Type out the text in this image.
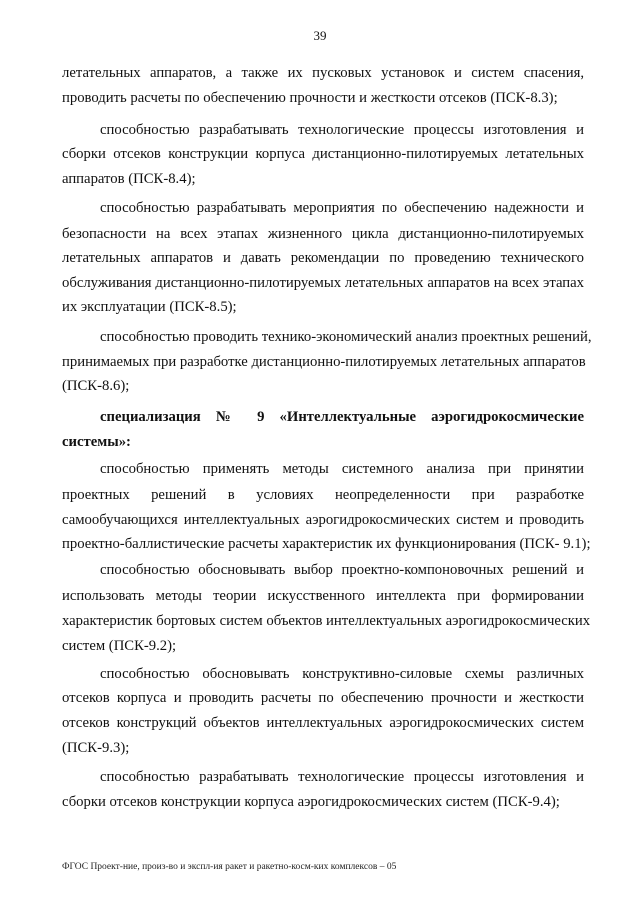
39
летательных аппаратов, а также их пусковых установок и систем спасения,
проводить расчеты по обеспечению прочности и жесткости отсеков (ПСК-8.3);
способностью разрабатывать технологические процессы изготовления и
сборки отсеков конструкции корпуса дистанционно-пилотируемых летательных
аппаратов (ПСК-8.4);
способностью разрабатывать мероприятия по обеспечению надежности и
безопасности на всех этапах жизненного цикла дистанционно-пилотируемых
летательных аппаратов и давать рекомендации по проведению технического
обслуживания дистанционно-пилотируемых летательных аппаратов на всех этапах
их эксплуатации (ПСК-8.5);
способностью проводить технико-экономический анализ проектных решений,
принимаемых при разработке дистанционно-пилотируемых летательных аппаратов
(ПСК-8.6);
специализация № 9 «Интеллектуальные аэрогидрокосмические
системы»:
способностью применять методы системного анализа при принятии
проектных решений в условиях неопределенности при разработке
самообучающихся интеллектуальных аэрогидрокосмических систем и проводить
проектно-баллистические расчеты характеристик их функционирования (ПСК- 9.1);
способностью обосновывать выбор проектно-компоновочных решений и
использовать методы теории искусственного интеллекта при формировании
характеристик бортовых систем объектов интеллектуальных аэрогидрокосмических
систем (ПСК-9.2);
способностью обосновывать конструктивно-силовые схемы различных
отсеков корпуса и проводить расчеты по обеспечению прочности и жесткости
отсеков конструкций объектов интеллектуальных аэрогидрокосмических систем
(ПСК-9.3);
способностью разрабатывать технологические процессы изготовления и
сборки отсеков конструкции корпуса аэрогидрокосмических систем (ПСК-9.4);
ФГОС Проект-ние, произ-во и экспл-ия ракет и ракетно-косм-ких комплексов – 05
